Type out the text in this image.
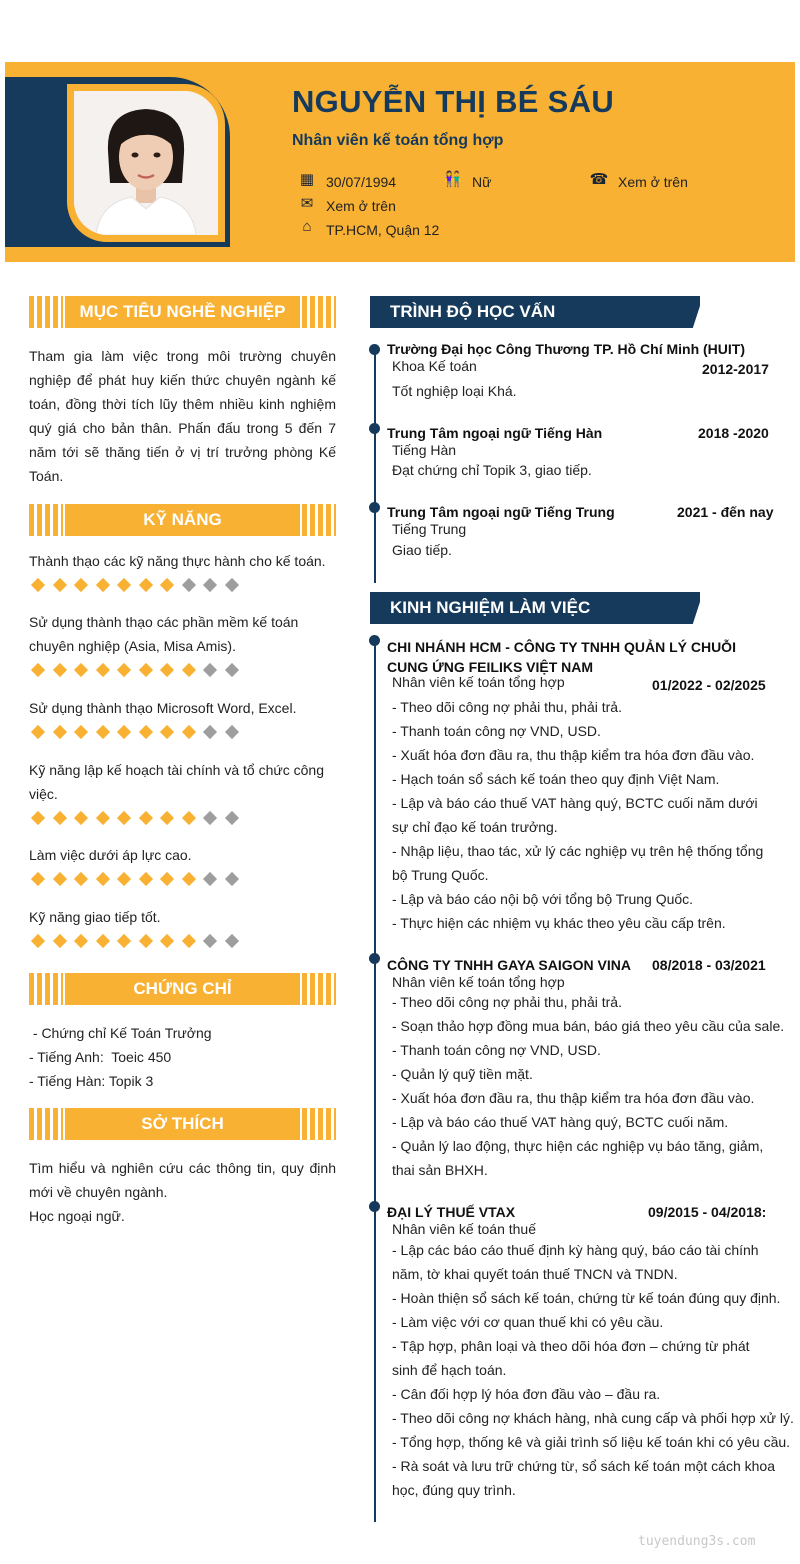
NGUYỄN THỊ BÉ SÁU
Nhân viên kế toán tổng hợp
▦ 30/07/1994	👫 Nữ	☎ Xem ở trên
✉ Xem ở trên
⌂	TP.HCM, Quận 12
MỤC TIÊU NGHỀ NGHIỆP
Tham gia làm việc trong môi trường chuyên nghiệp để phát huy kiến thức chuyên ngành kế toán, đồng thời tích lũy thêm nhiều kinh nghiệm quý giá cho bản thân. Phấn đấu trong 5 đến 7 năm tới sẽ thăng tiến ở vị trí trưởng phòng Kế Toán.
KỸ NĂNG
Thành thạo các kỹ năng thực hành cho kế toán.
Sử dụng thành thạo các phần mềm kế toán chuyên nghiệp (Asia, Misa Amis).
Sử dụng thành thạo Microsoft Word, Excel.
Kỹ năng lập kế hoạch tài chính và tổ chức công việc.
Làm việc dưới áp lực cao.
Kỹ năng giao tiếp tốt.
CHỨNG CHỈ
- Chứng chỉ Kế Toán Trưởng
- Tiếng Anh:  Toeic 450
- Tiếng Hàn: Topik 3
SỞ THÍCH
Tìm hiểu và nghiên cứu các thông tin, quy định mới về chuyên ngành.
Học ngoại ngữ.
TRÌNH ĐỘ HỌC VẤN
Trường Đại học Công Thương TP. Hồ Chí Minh (HUIT)
Khoa Kế toán	2012-2017
Tốt nghiệp loại Khá.
Trung Tâm ngoại ngữ Tiếng Hàn	2018 -2020
Tiếng Hàn
Đạt chứng chỉ Topik 3, giao tiếp.
Trung Tâm ngoại ngữ Tiếng Trung	2021 - đến nay
Tiếng Trung
Giao tiếp.
KINH NGHIỆM LÀM VIỆC
CHI NHÁNH HCM - CÔNG TY TNHH QUẢN LÝ CHUỖI CUNG ỨNG FEILIKS VIỆT NAM
Nhân viên kế toán tổng hợp	01/2022 - 02/2025
- Theo dõi công nợ phải thu, phải trả.
- Thanh toán công nợ VND, USD.
- Xuất hóa đơn đầu ra, thu thập kiểm tra hóa đơn đầu vào.
- Hạch toán sổ sách kế toán theo quy định Việt Nam.
- Lập và báo cáo thuế VAT hàng quý, BCTC cuối năm dưới sự chỉ đạo kế toán trưởng.
- Nhập liệu, thao tác, xử lý các nghiệp vụ trên hệ thống tổng bộ Trung Quốc.
- Lập và báo cáo nội bộ với tổng bộ Trung Quốc.
- Thực hiện các nhiệm vụ khác theo yêu cầu cấp trên.
CÔNG TY TNHH GAYA SAIGON VINA 08/2018 - 03/2021
Nhân viên kế toán tổng hợp
- Theo dõi công nợ phải thu, phải trả.
- Soạn thảo hợp đồng mua bán, báo giá theo yêu cầu của sale.
- Thanh toán công nợ VND, USD.
- Quản lý quỹ tiền mặt.
- Xuất hóa đơn đầu ra, thu thập kiểm tra hóa đơn đầu vào.
- Lập và báo cáo thuế VAT hàng quý, BCTC cuối năm.
- Quản lý lao động, thực hiện các nghiệp vụ báo tăng, giảm, thai sản BHXH.
ĐẠI LÝ THUẾ VTAX	09/2015 - 04/2018:
Nhân viên kế toán thuế
- Lập các báo cáo thuế định kỳ hàng quý, báo cáo tài chính năm, tờ khai quyết toán thuế TNCN và TNDN.
- Hoàn thiện sổ sách kế toán, chứng từ kế toán đúng quy định.
- Làm việc với cơ quan thuế khi có yêu cầu.
- Tập hợp, phân loại và theo dõi hóa đơn – chứng từ phát sinh để hạch toán.
- Cân đối hợp lý hóa đơn đầu vào – đầu ra.
- Theo dõi công nợ khách hàng, nhà cung cấp và phối hợp xử lý.
- Tổng hợp, thống kê và giải trình số liệu kế toán khi có yêu cầu.
- Rà soát và lưu trữ chứng từ, sổ sách kế toán một cách khoa học, đúng quy trình.
tuyendung3s.com
